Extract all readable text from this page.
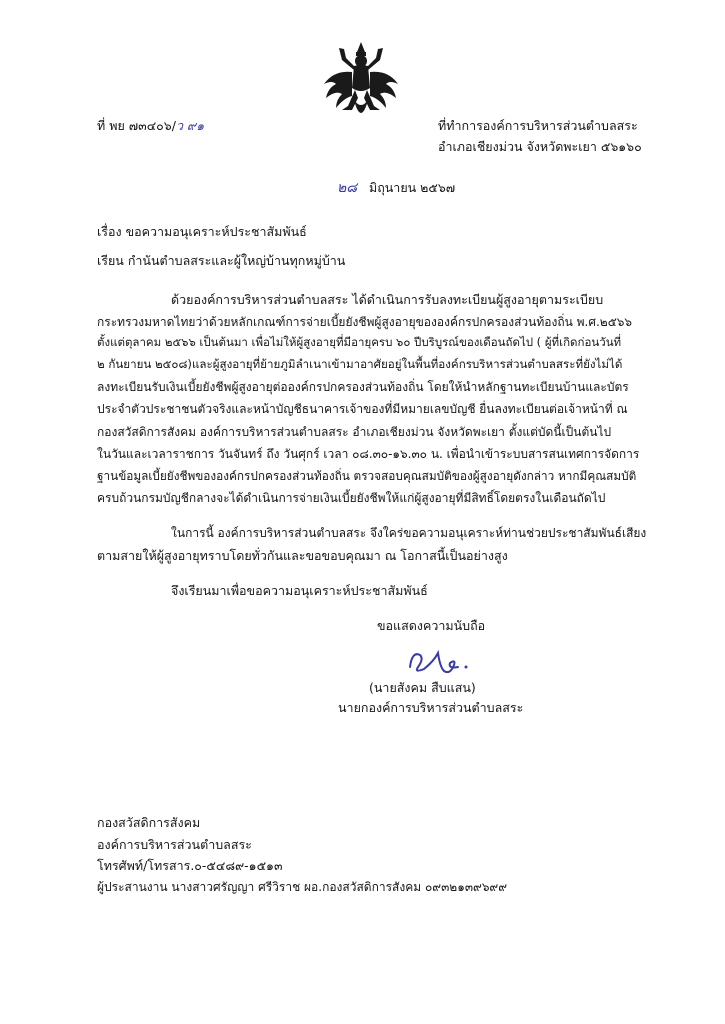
ที่ พย ๗๓๔๐๖/ว ๙๑	ที่ทำการองค์การบริหารส่วนตำบลสระ
อำเภอเชียงม่วน จังหวัดพะเยา ๕๖๑๖๐
๒๘ มิถุนายน ๒๕๖๗
เรื่อง ขอความอนุเคราะห์ประชาสัมพันธ์
เรียน กำนันตำบลสระและผู้ใหญ่บ้านทุกหมู่บ้าน
ด้วยองค์การบริหารส่วนตำบลสระ ได้ดำเนินการรับลงทะเบียนผู้สูงอายุตามระเบียบ
กระทรวงมหาดไทยว่าด้วยหลักเกณฑ์การจ่ายเบี้ยยังชีพผู้สูงอายุขององค์กรปกครองส่วนท้องถิ่น พ.ศ.๒๕๖๖
ตั้งแต่ตุลาคม ๒๕๖๖ เป็นต้นมา เพื่อไม่ให้ผู้สูงอายุที่มีอายุครบ ๖๐ ปีบริบูรณ์ของเดือนถัดไป ( ผู้ที่เกิดก่อนวันที่
๒ กันยายน ๒๕๐๘)และผู้สูงอายุที่ย้ายภูมิลำเนาเข้ามาอาศัยอยู่ในพื้นที่องค์กรบริหารส่วนตำบลสระที่ยังไม่ได้
ลงทะเบียนรับเงินเบี้ยยังชีพผู้สูงอายุต่อองค์กรปกครองส่วนท้องถิ่น โดยให้นำหลักฐานทะเบียนบ้านและบัตร
ประจำตัวประชาชนตัวจริงและหน้าบัญชีธนาคารเจ้าของที่มีหมายเลขบัญชี ยื่นลงทะเบียนต่อเจ้าหน้าที่ ณ
กองสวัสดิการสังคม องค์การบริหารส่วนตำบลสระ อำเภอเชียงม่วน จังหวัดพะเยา ตั้งแต่บัดนี้เป็นต้นไป
ในวันและเวลาราชการ วันจันทร์ ถึง วันศุกร์ เวลา ๐๘.๓๐-๑๖.๓๐ น. เพื่อนำเข้าระบบสารสนเทศการจัดการ
ฐานข้อมูลเบี้ยยังชีพขององค์กรปกครองส่วนท้องถิ่น ตรวจสอบคุณสมบัติของผู้สูงอายุดังกล่าว หากมีคุณสมบัติ
ครบถ้วนกรมบัญชีกลางจะได้ดำเนินการจ่ายเงินเบี้ยยังชีพให้แก่ผู้สูงอายุที่มีสิทธิ์โดยตรงในเดือนถัดไป
ในการนี้ องค์การบริหารส่วนตำบลสระ จึงใคร่ขอความอนุเคราะห์ท่านช่วยประชาสัมพันธ์เสียง
ตามสายให้ผู้สูงอายุทราบโดยทั่วกันและขอขอบคุณมา ณ โอกาสนี้เป็นอย่างสูง
จึงเรียนมาเพื่อขอความอนุเคราะห์ประชาสัมพันธ์
ขอแสดงความนับถือ
(นายสังคม สืบแสน)
นายกองค์การบริหารส่วนตำบลสระ
กองสวัสดิการสังคม
องค์การบริหารส่วนตำบลสระ
โทรศัพท์/โทรสาร.๐-๕๔๘๙-๑๕๑๓
ผู้ประสานงาน นางสาวศรัญญา ศรีวิราช ผอ.กองสวัสดิการสังคม ๐๙๓๒๑๓๙๖๙๙
